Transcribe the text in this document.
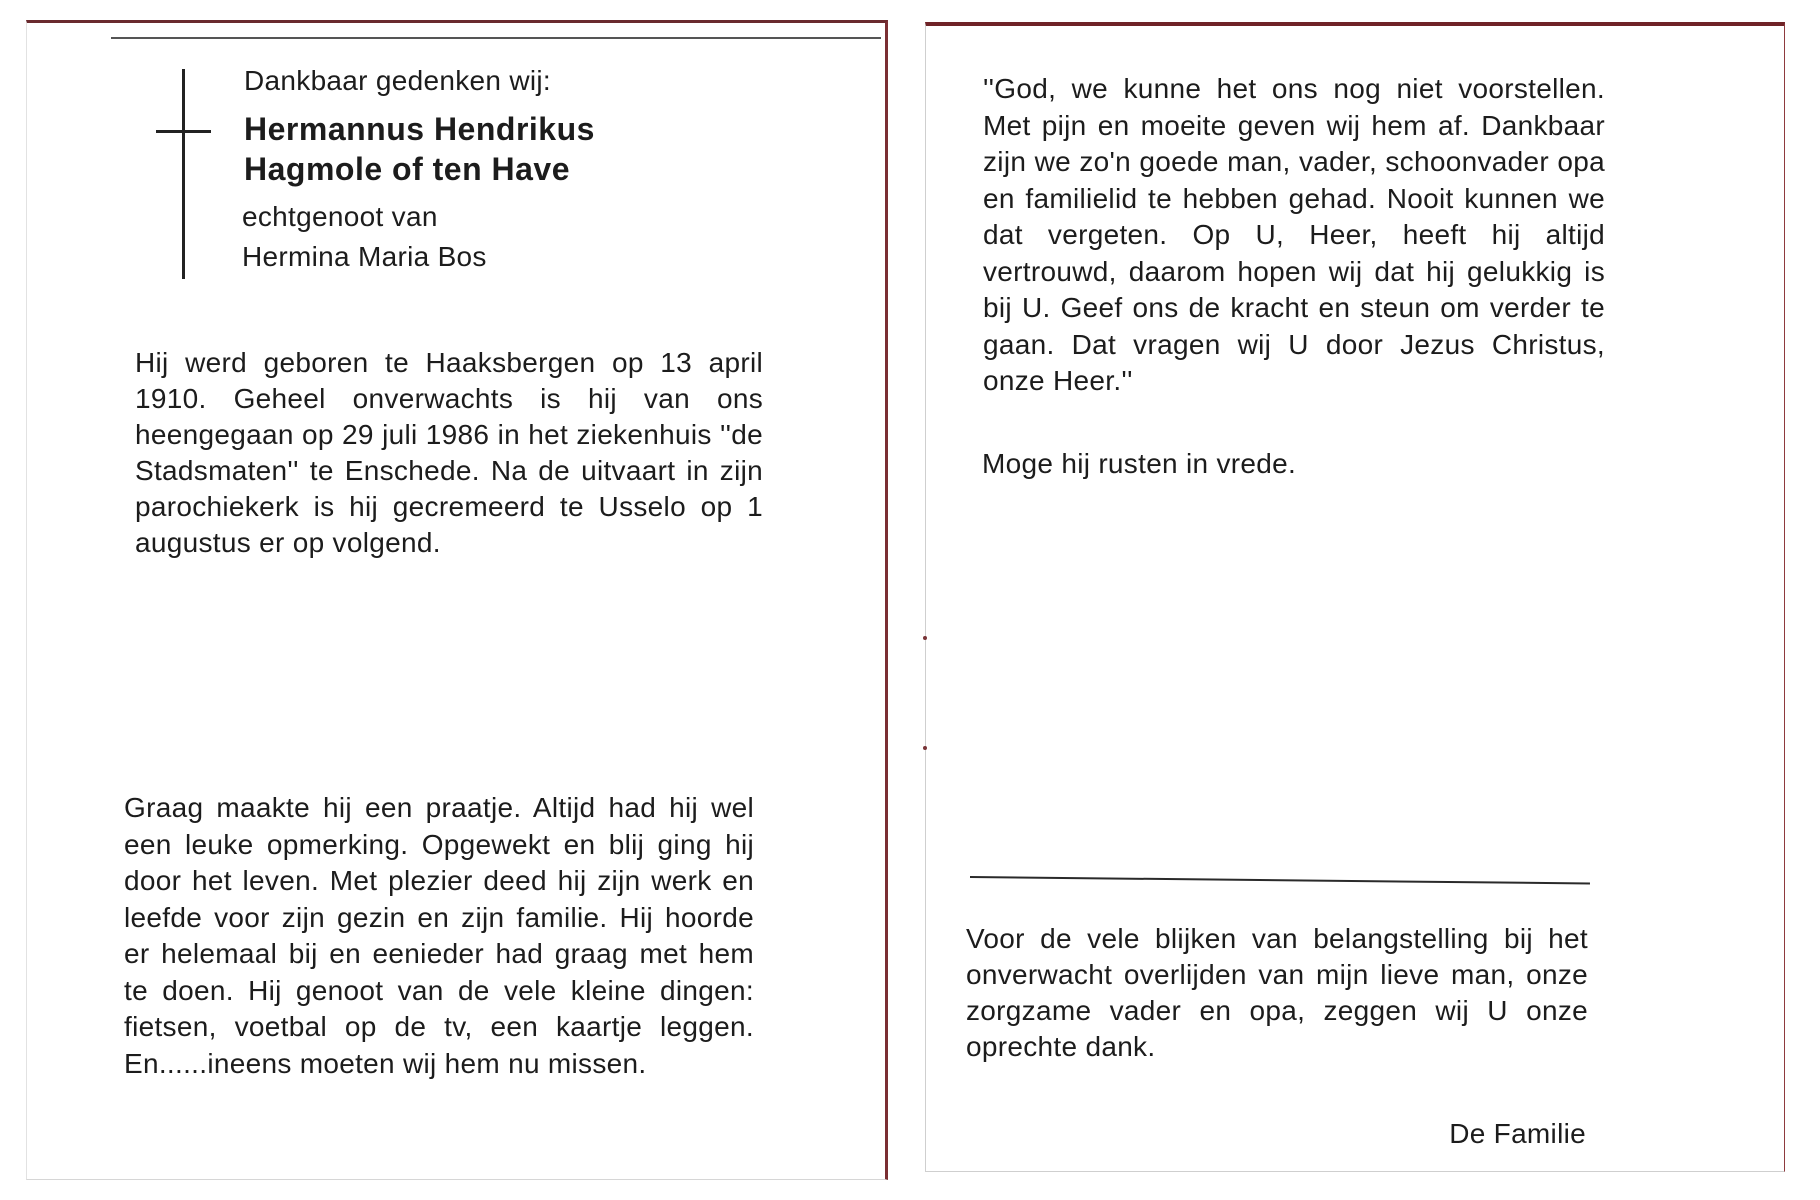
Dankbaar gedenken wij:

Hermannus Hendrikus
Hagmole of ten Have

echtgenoot van
Hermina Maria Bos

Hij werd geboren te Haaksbergen op 13 april 1910. Geheel onverwachts is hij van ons heengegaan op 29 juli 1986 in het ziekenhuis ''de Stadsmaten'' te Enschede. Na de uitvaart in zijn parochiekerk is hij gecremeerd te Usselo op 1 augustus er op volgend.

Graag maakte hij een praatje. Altijd had hij wel een leuke opmerking. Opgewekt en blij ging hij door het leven. Met plezier deed hij zijn werk en leefde voor zijn gezin en zijn familie. Hij hoorde er helemaal bij en eenieder had graag met hem te doen. Hij genoot van de vele kleine dingen: fietsen, voetbal op de tv, een kaartje leggen. En......ineens moeten wij hem nu missen.

''God, we kunne het ons nog niet voorstellen. Met pijn en moeite geven wij hem af. Dankbaar zijn we zo'n goede man, vader, schoonvader opa en familielid te hebben gehad. Nooit kunnen we dat vergeten. Op U, Heer, heeft hij altijd vertrouwd, daarom hopen wij dat hij gelukkig is bij U. Geef ons de kracht en steun om verder te gaan. Dat vragen wij U door Jezus Christus, onze Heer.''

Moge hij rusten in vrede.

Voor de vele blijken van belangstelling bij het onverwacht overlijden van mijn lieve man, onze zorgzame vader en opa, zeggen wij U onze oprechte dank.

De Familie
